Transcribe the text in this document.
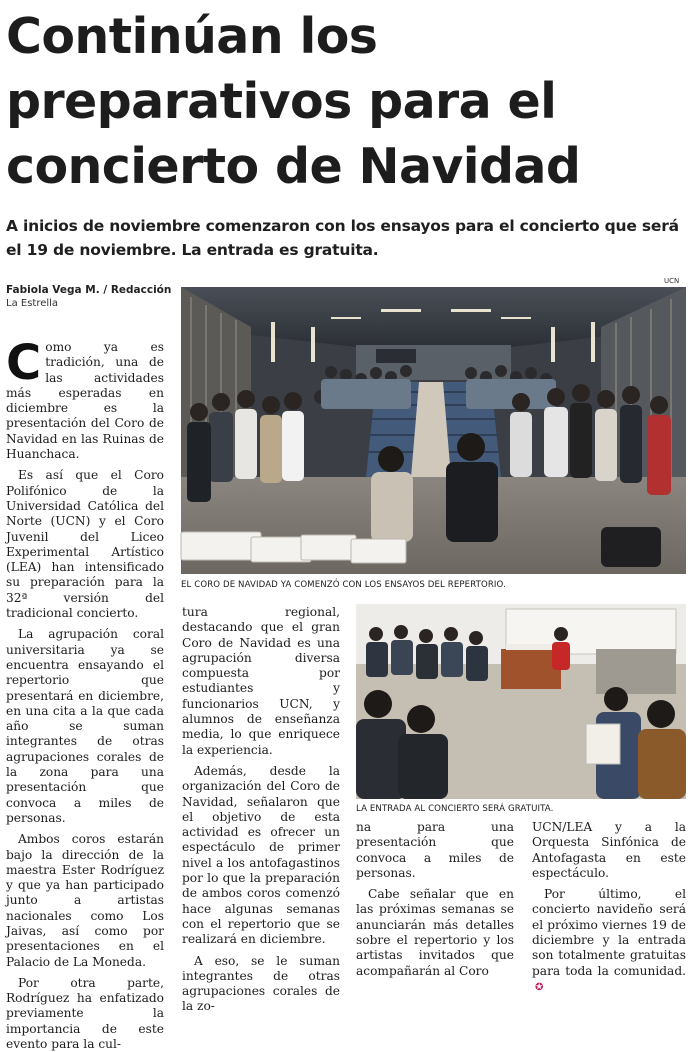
Continúan los
preparativos para el
concierto de Navidad
A inicios de noviembre comenzaron con los ensayos para el concierto que será el 19 de noviembre. La entrada es gratuita.
Fabiola Vega M. / Redacción
La Estrella
UCN
EL CORO DE NAVIDAD YA COMENZÓ CON LOS ENSAYOS DEL REPERTORIO.
LA ENTRADA AL CONCIERTO SERÁ GRATUITA.

Como ya es tradición, una de las actividades más esperadas en diciembre es la presentación del Coro de Navidad en las Ruinas de Huanchaca.

Es así que el Coro Polifónico de la Universidad Católica del Norte (UCN) y el Coro Juvenil del Liceo Experimental Artístico (LEA) han intensificado su preparación para la 32ª versión del tradicional concierto.

La agrupación coral universitaria ya se encuentra ensayando el repertorio que presentará en diciembre, en una cita a la que cada año se suman integrantes de otras agrupaciones corales de la zona para una presentación que convoca a miles de personas.

Ambos coros estarán bajo la dirección de la maestra Ester Rodríguez y que ya han participado junto a artistas nacionales como Los Jaivas, así como por presentaciones en el Palacio de La Moneda.

Por otra parte, Rodríguez ha enfatizado previamente la importancia de este evento para la cul-

tura regional, destacando que el gran Coro de Navidad es una agrupación diversa compuesta por estudiantes y funcionarios UCN, y alumnos de enseñanza media, lo que enriquece la experiencia.

Además, desde la organización del Coro de Navidad, señalaron que el objetivo de esta actividad es ofrecer un espectáculo de primer nivel a los antofagastinos por lo que la preparación de ambos coros comenzó hace algunas semanas con el repertorio que se realizará en diciembre.

A eso, se le suman integrantes de otras agrupaciones corales de la zo-

na para una presentación que convoca a miles de personas.

Cabe señalar que en las próximas semanas se anunciarán más detalles sobre el repertorio y los artistas invitados que acompañarán al Coro

UCN/LEA y a la Orquesta Sinfónica de Antofagasta en este espectáculo.

Por último, el concierto navideño será el próximo viernes 19 de diciembre y la entrada son totalmente gratuitas para toda la comunidad.✪
